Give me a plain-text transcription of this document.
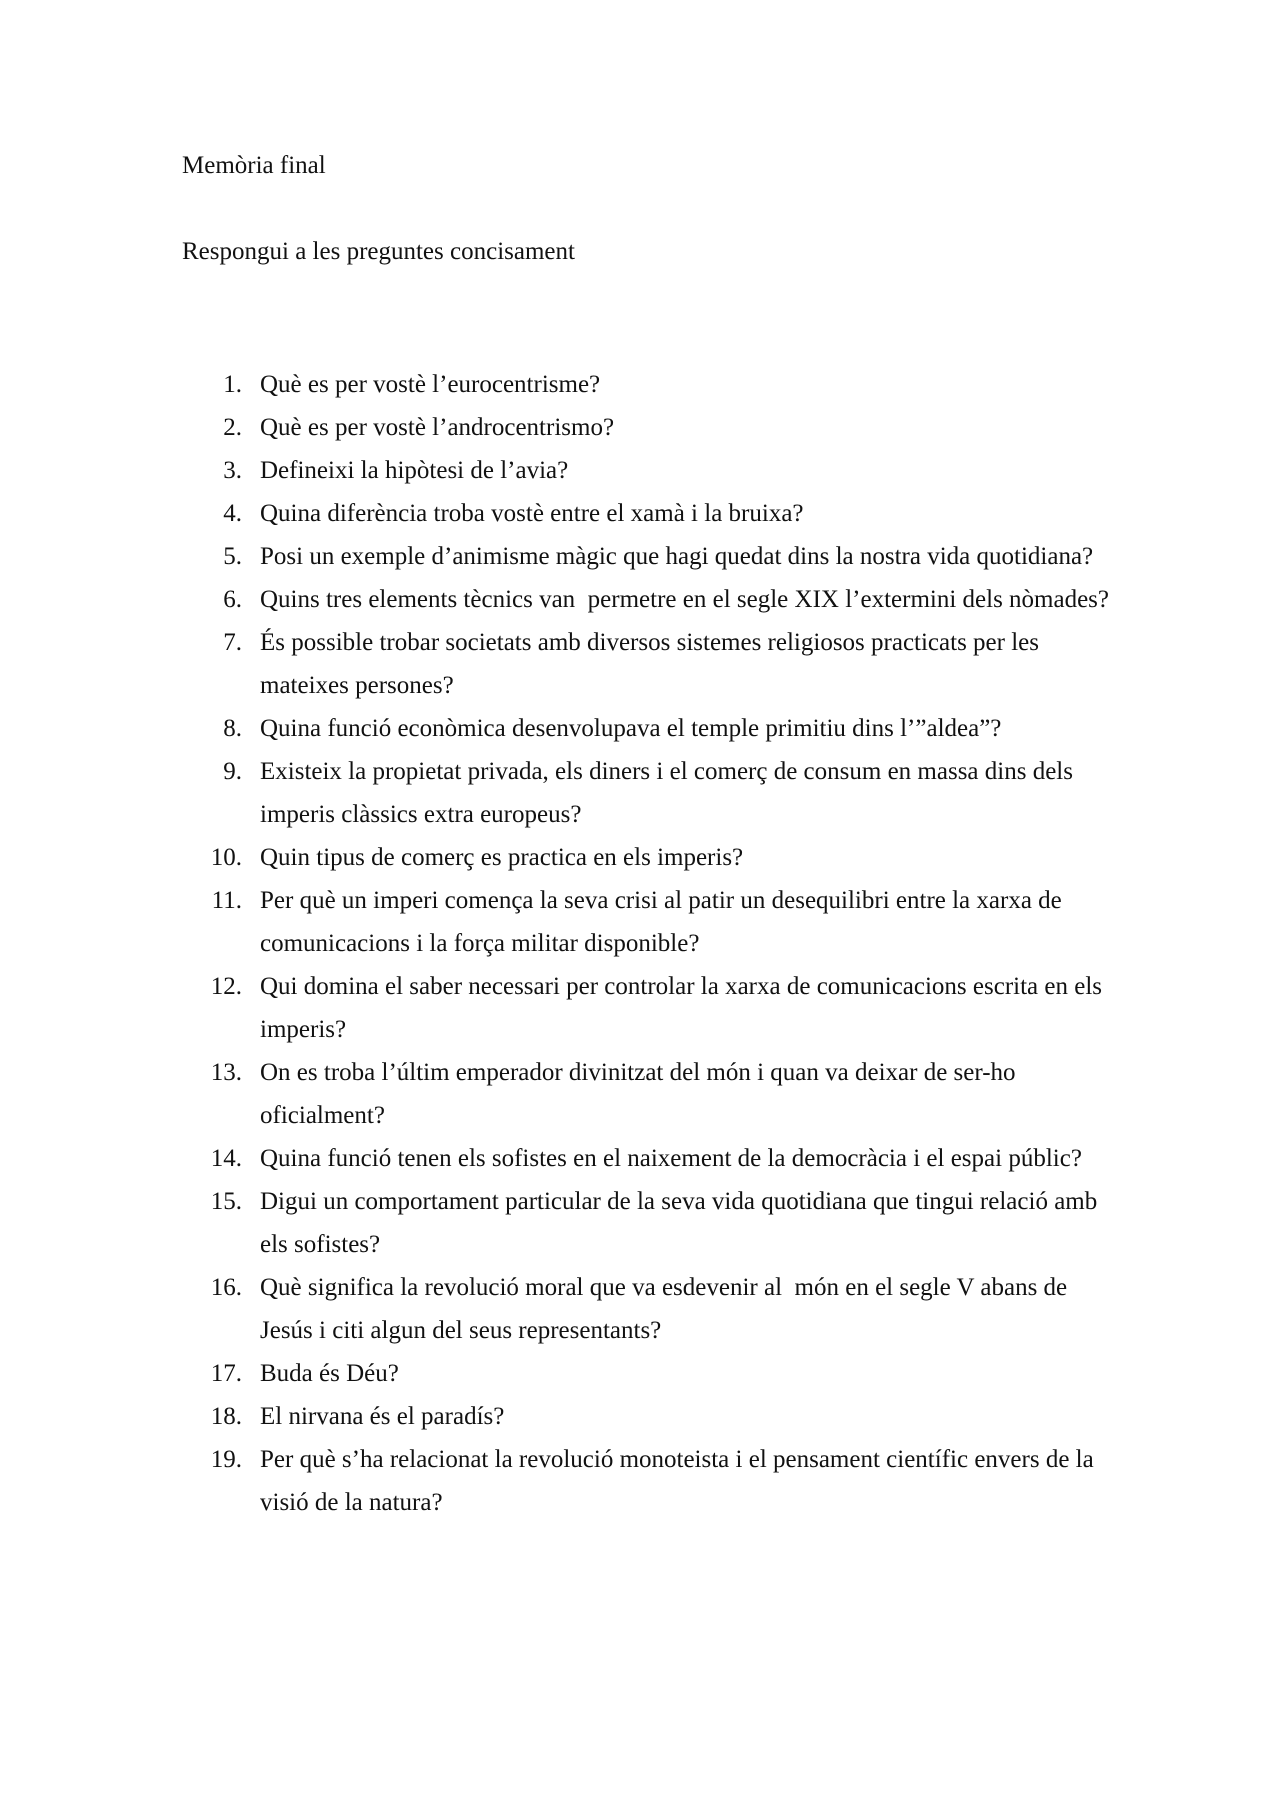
Memòria final

Respongui a les preguntes concisament

1. Què es per vostè l’eurocentrisme?
2. Què es per vostè l’androcentrismo?
3. Defineixi la hipòtesi de l’avia?
4. Quina diferència troba vostè entre el xamà i la bruixa?
5. Posi un exemple d’animisme màgic que hagi quedat dins la nostra vida quotidiana?
6. Quins tres elements tècnics van  permetre en el segle XIX l’extermini dels nòmades?
7. És possible trobar societats amb diversos sistemes religiosos practicats per les mateixes persones?
8. Quina funció econòmica desenvolupava el temple primitiu dins l’”aldea”?
9. Existeix la propietat privada, els diners i el comerç de consum en massa dins dels imperis clàssics extra europeus?
10. Quin tipus de comerç es practica en els imperis?
11. Per què un imperi comença la seva crisi al patir un desequilibri entre la xarxa de comunicacions i la força militar disponible?
12. Qui domina el saber necessari per controlar la xarxa de comunicacions escrita en els imperis?
13. On es troba l’últim emperador divinitzat del món i quan va deixar de ser-ho oficialment?
14. Quina funció tenen els sofistes en el naixement de la democràcia i el espai públic?
15. Digui un comportament particular de la seva vida quotidiana que tingui relació amb els sofistes?
16. Què significa la revolució moral que va esdevenir al  món en el segle V abans de Jesús i citi algun del seus representants?
17. Buda és Déu?
18. El nirvana és el paradís?
19. Per què s’ha relacionat la revolució monoteista i el pensament científic envers de la visió de la natura?
